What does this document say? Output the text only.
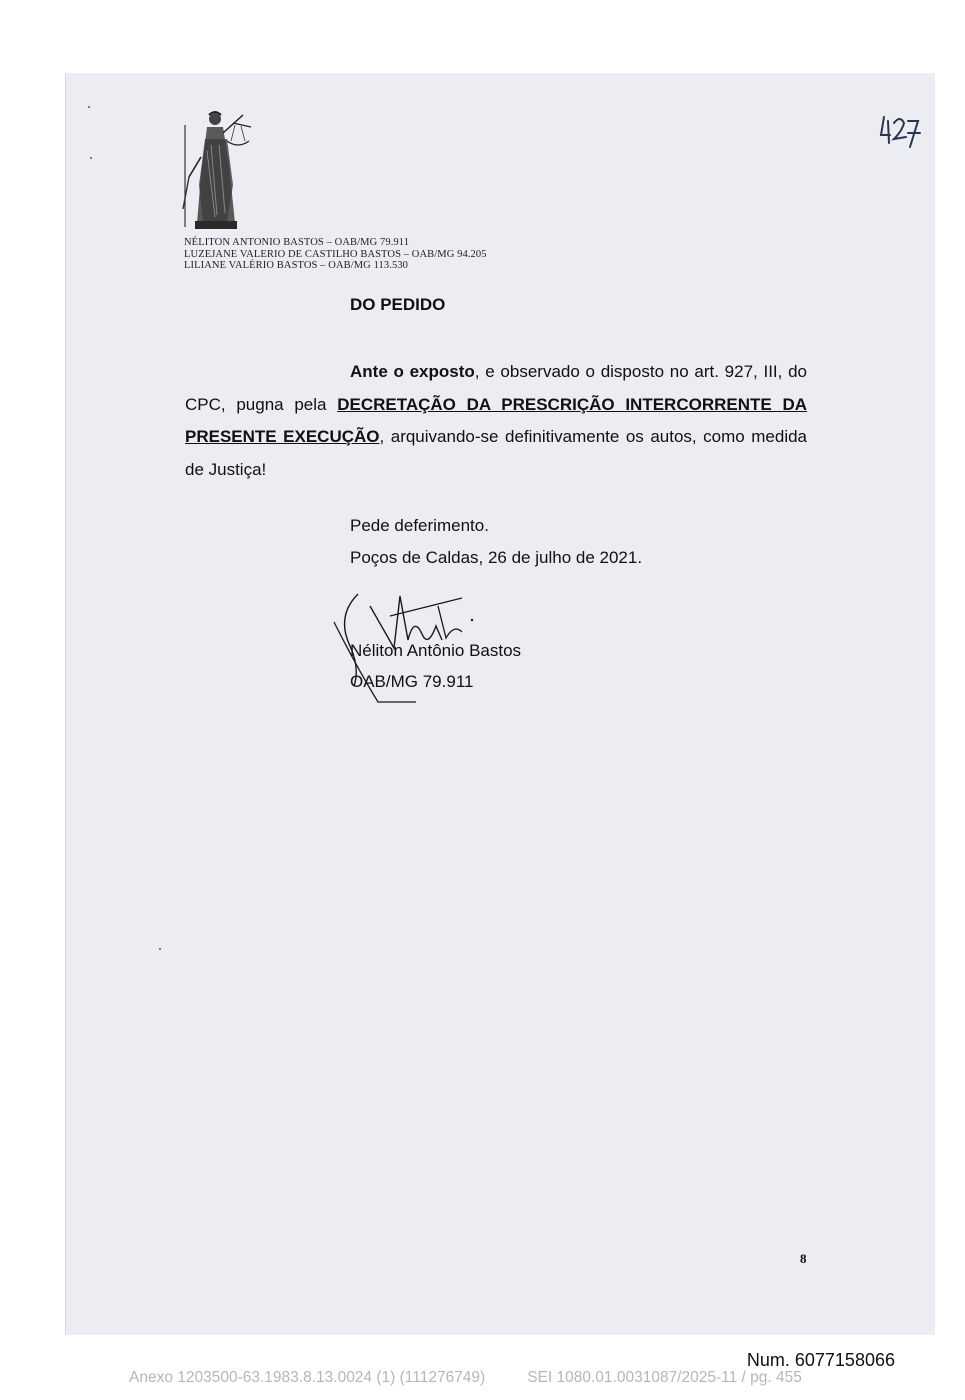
NÉLITON ANTONIO BASTOS – OAB/MG 79.911
LUZEJANE VALERIO DE CASTILHO BASTOS – OAB/MG 94.205
LILIANE VALÉRIO BASTOS – OAB/MG 113.530
DO PEDIDO
Ante o exposto, e observado o disposto no art. 927, III, do CPC, pugna pela DECRETAÇÃO DA PRESCRIÇÃO INTERCORRENTE DA PRESENTE EXECUÇÃO, arquivando-se definitivamente os autos, como medida de Justiça!
Pede deferimento.
Poços de Caldas, 26 de julho de 2021.
Néliton Antônio Bastos
OAB/MG 79.911
8
Num. 6077158066
Anexo 1203500-63.1983.8.13.0024 (1) (111276749)	SEI 1080.01.0031087/2025-11 / pg. 455
